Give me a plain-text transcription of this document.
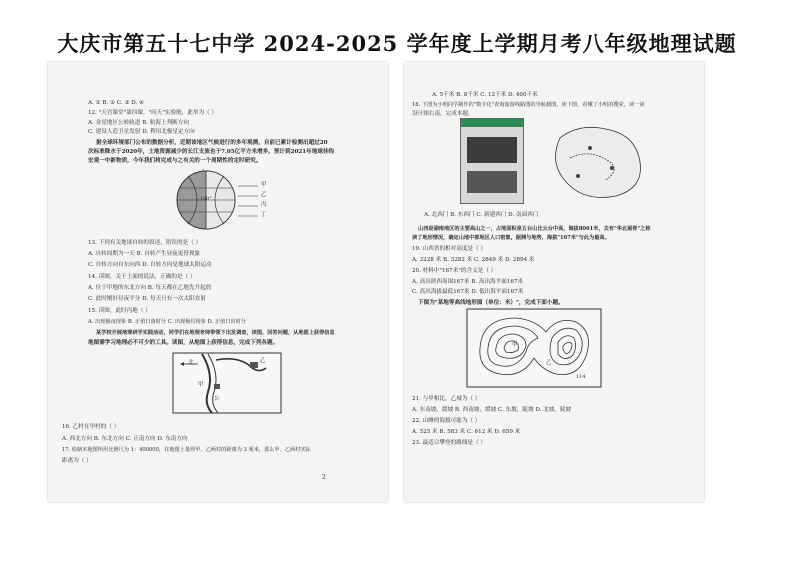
大庆市第五十七中学 2024-2025 学年度上学期月考八年级地理试题
A. ① B. ② C. ③ D. ④
12. "天宫课堂"第四课，"问天"实验舱，此举为（ ）
A. 金星地区公转轨道 B. 航海上判断方向
C. 建设人造卫星发射 D. 利用北极星定方向
据全球环境部门公布的数据分析，近期该地区气候进行的多年观测，自前已累计检测出超过20
次标准降水于2020年，土地资源减少的长江支流也于7.05亿平方米增多。预计到2021年地球挂钩
宏观一中新物质，今年我们将完成与之有关的一个周期性的定时研究。
-
-180°
甲
乙
丙
丁
13. 下列有关地球自转的叙述，错误的是（ ）
A. 自转周期为一天 B. 自转产生昼夜更替现象
C. 自转方向自东向西 D. 自转方向是地球太阳运动
14. 读图，关于上面的说法，正确的是（ ）
A. 位于甲地的东北方向 B. 每天都在乙地先升起的
C. 此时刚好昼夜平分 D. 每天只有一次太阳直射
15. 读图，此时丙地（ ）
A. 出现极夜现象 B. 正值日落时分 C. 出现极昼现象 D. 正值日出时分
某学校开展地理研学实践活动，同学们在地理老师带领下出发调查，读图，回答问题，从地图上获得信息
地图需学习地理必不可少的工具。读图，从地图上获得信息，完成下列各题。
北
甲
乙
公
16. 乙村在甲村的（ ）
A. 西北方向 B. 东北方向 C. 正南方向 D. 东南方向
17. 绘制本地图所用比例尺为 1：400000，在地图上量得甲、乙两村的距离为 3 厘米，那么甲、乙两村实际
距离为（ ）
2
A. 5千米 B. 8千米 C. 12千米 D. 400千米
18. 下图为小明同学制作的"数字化"查询旅游线路图的导航截图，读下图，看懂了小明的搜索，读一读
设计图右南，完成本题。
A. 北西门 B. 东西门 C. 新建西门 D. 南面西门
山西是湖南地区的主要高山之一，占地面积是五台山比云台中高，海拔8061米，去有"华北屋脊"之称
读了地形情况，确定山地中部地区人口密集，据测与地势，海拔"167米"与此为最高。
19. 山西省的相对高度是（ ）
A. 3228 米 B. 3282 米 C. 2849 米 D. 2894 米
20. 材料中"167米"的含义是（ ）
A. 高出陕西周围167米 B. 高出海平面167米
C. 高出海拔最低167米 D. 低出海平面167米
下图为"某地等高线地形图（单位：米）"，完成下面小题。
甲
乙
114
21. 与甲相比，乙城为（ ）
A. 东南坡，缓坡 B. 西南坡，缓坡 C. 东坡，陡坡 D. 北坡，陡坡
22. 山峰的海拔可能为（ ）
A. 525 米 B. 583 米 C. 612 米 D. 659 米
23. 最适合攀登的路线是（ ）
